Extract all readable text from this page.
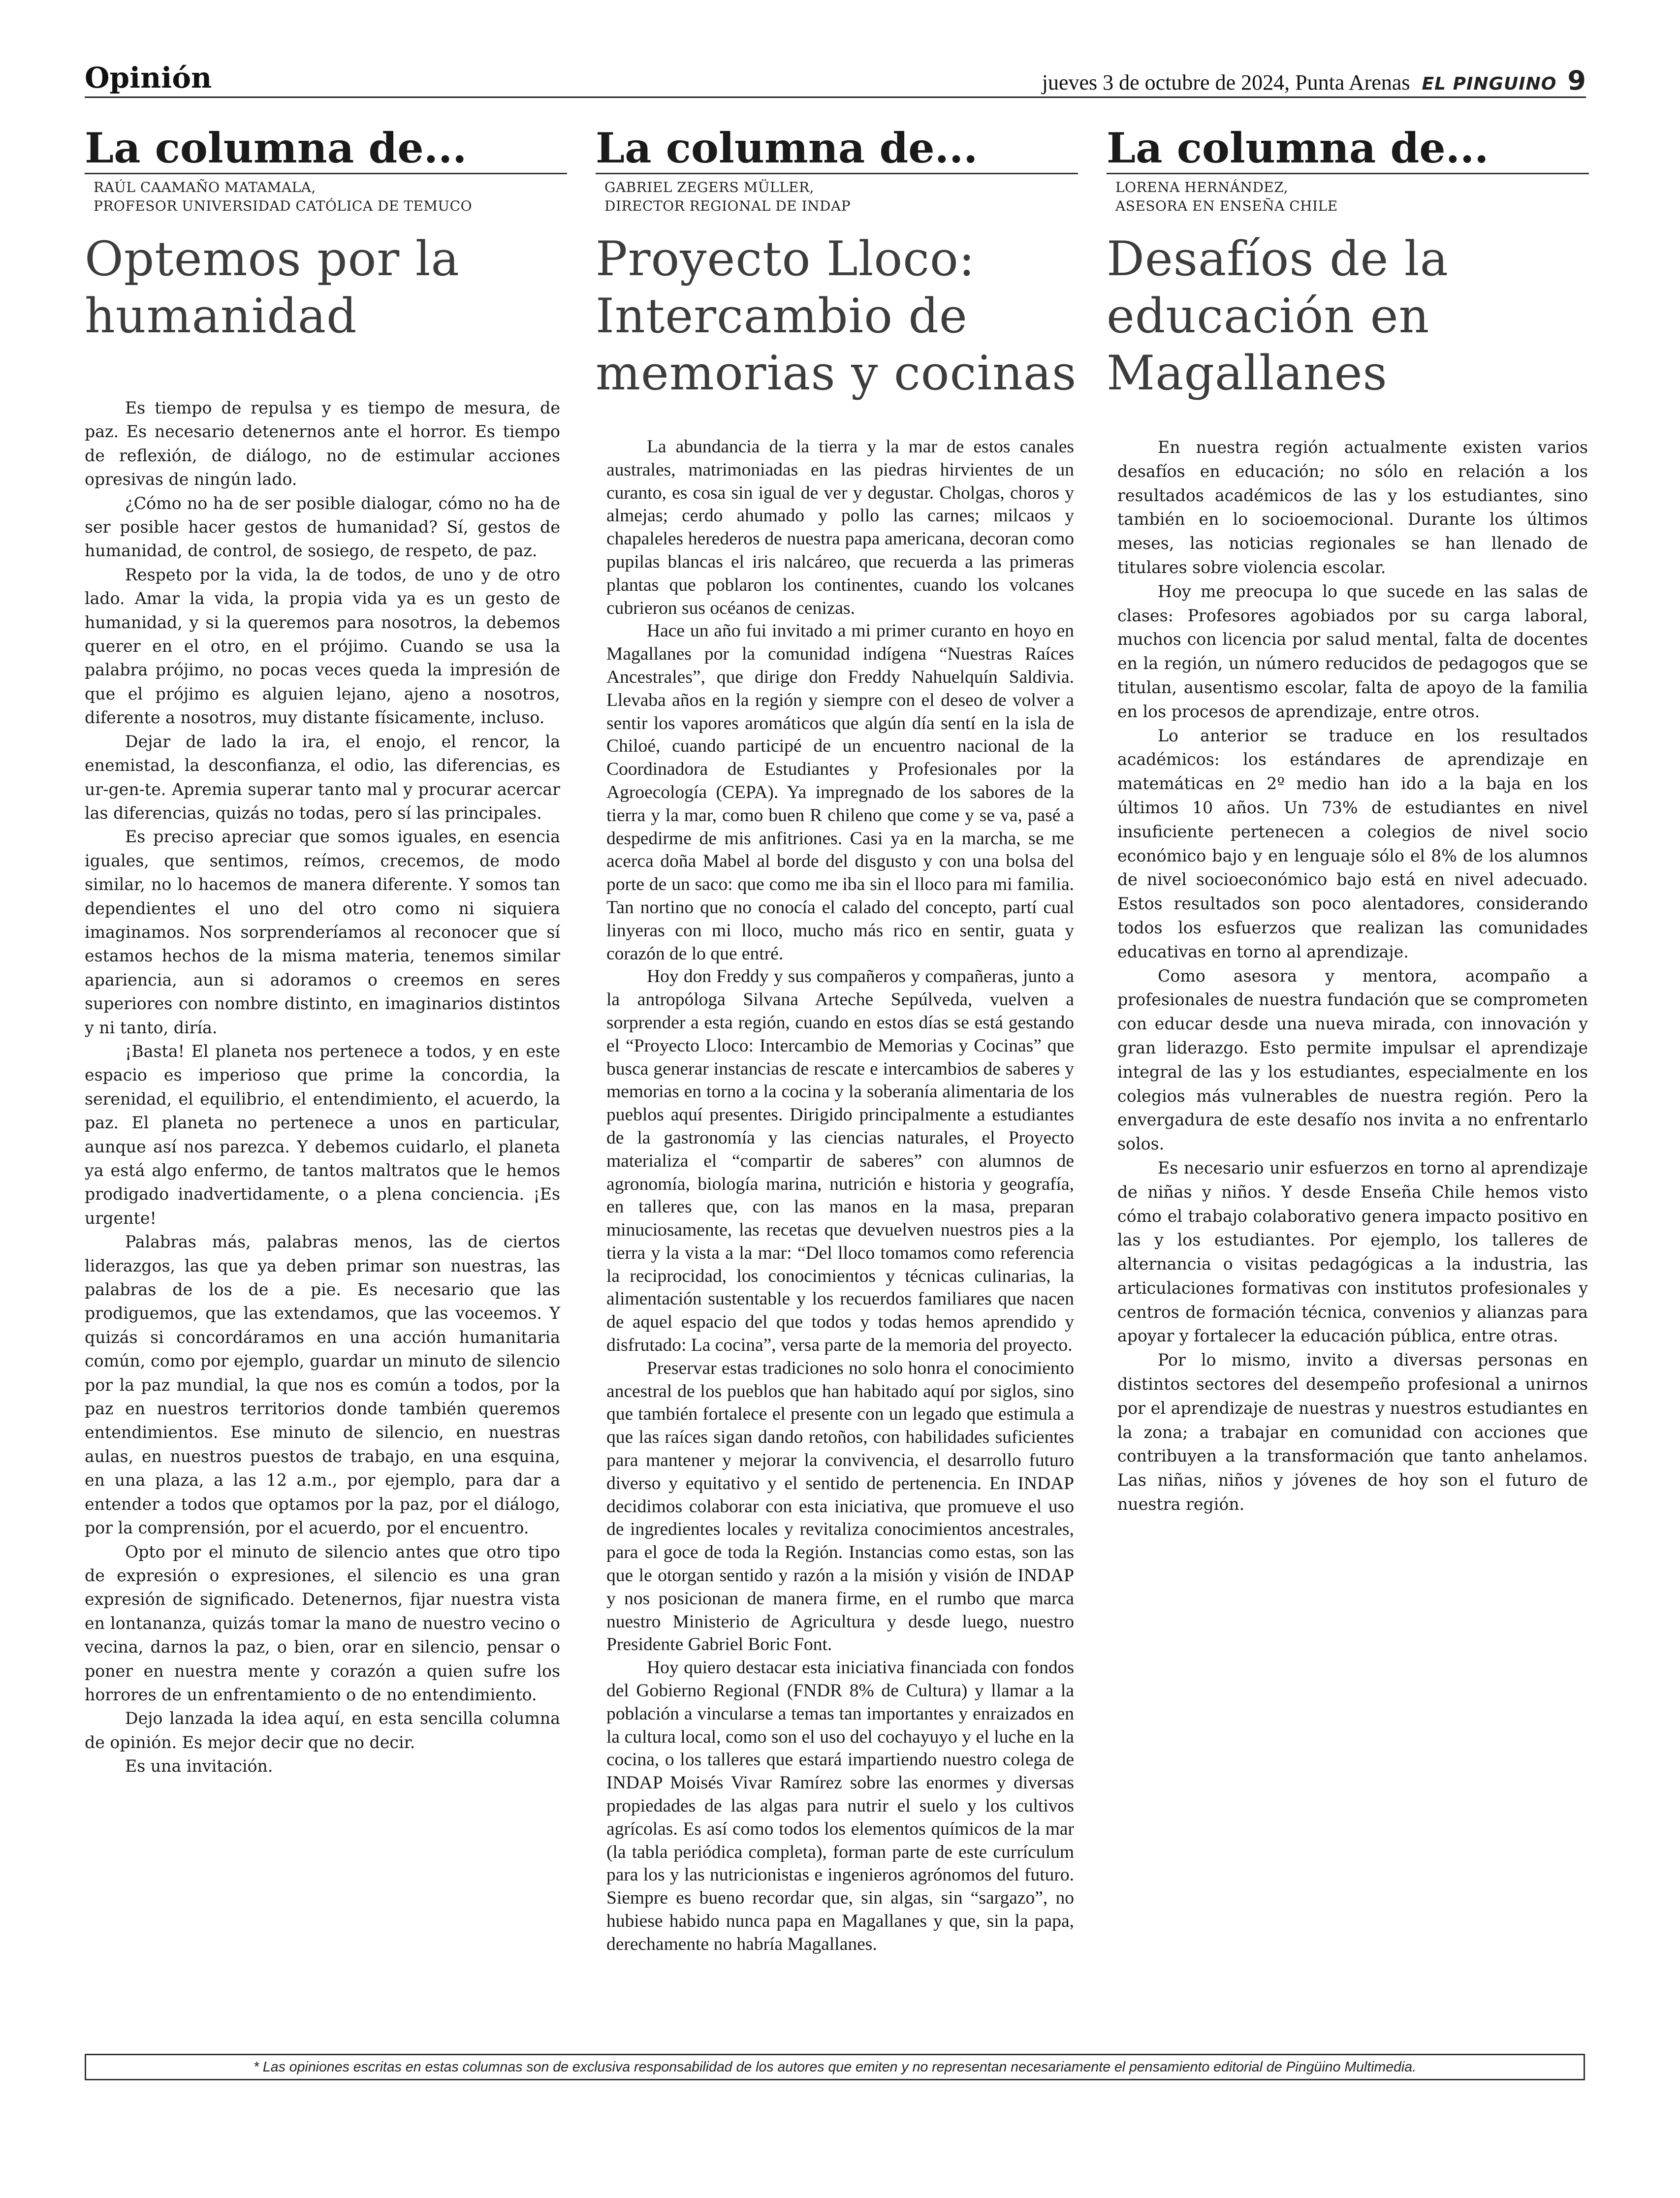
Opinión	jueves 3 de octubre de 2024, Punta Arenas EL PINGUINO 9
La columna de...
RAÚL CAAMAÑO MATAMALA,
PROFESOR UNIVERSIDAD CATÓLICA DE TEMUCO
Optemos por la
humanidad

Es tiempo de repulsa y es tiempo de mesura, de paz. Es necesario detenernos ante el horror. Es tiempo de reflexión, de diálogo, no de estimular acciones opresivas de ningún lado.

¿Cómo no ha de ser posible dialogar, cómo no ha de ser posible hacer gestos de humanidad? Sí, gestos de humanidad, de control, de sosiego, de respeto, de paz.

Respeto por la vida, la de todos, de uno y de otro lado. Amar la vida, la propia vida ya es un gesto de humanidad, y si la queremos para nosotros, la debemos querer en el otro, en el prójimo. Cuando se usa la palabra prójimo, no pocas veces queda la impresión de que el prójimo es alguien lejano, ajeno a nosotros, diferente a nosotros, muy distante físicamente, incluso.

Dejar de lado la ira, el enojo, el rencor, la enemistad, la desconfianza, el odio, las diferencias, es ur-gen-te. Apremia superar tanto mal y procurar acercar las diferencias, quizás no todas, pero sí las principales.

Es preciso apreciar que somos iguales, en esencia iguales, que sentimos, reímos, crecemos, de modo similar, no lo hacemos de manera diferente. Y somos tan dependientes el uno del otro como ni siquiera imaginamos. Nos sorprenderíamos al reconocer que sí estamos hechos de la misma materia, tenemos similar apariencia, aun si adoramos o creemos en seres superiores con nombre distinto, en imaginarios distintos y ni tanto, diría.

¡Basta! El planeta nos pertenece a todos, y en este espacio es imperioso que prime la concordia, la serenidad, el equilibrio, el entendimiento, el acuerdo, la paz. El planeta no pertenece a unos en particular, aunque así nos parezca. Y debemos cuidarlo, el planeta ya está algo enfermo, de tantos maltratos que le hemos prodigado inadvertidamente, o a plena conciencia. ¡Es urgente!

Palabras más, palabras menos, las de ciertos liderazgos, las que ya deben primar son nuestras, las palabras de los de a pie. Es necesario que las prodiguemos, que las extendamos, que las voceemos. Y quizás si concordáramos en una acción humanitaria común, como por ejemplo, guardar un minuto de silencio por la paz mundial, la que nos es común a todos, por la paz en nuestros territorios donde también queremos entendimientos. Ese minuto de silencio, en nuestras aulas, en nuestros puestos de trabajo, en una esquina, en una plaza, a las 12 a.m., por ejemplo, para dar a entender a todos que optamos por la paz, por el diálogo, por la comprensión, por el acuerdo, por el encuentro.

Opto por el minuto de silencio antes que otro tipo de expresión o expresiones, el silencio es una gran expresión de significado. Detenernos, fijar nuestra vista en lontananza, quizás tomar la mano de nuestro vecino o vecina, darnos la paz, o bien, orar en silencio, pensar o poner en nuestra mente y corazón a quien sufre los horrores de un enfrentamiento o de no entendimiento.

Dejo lanzada la idea aquí, en esta sencilla columna de opinión. Es mejor decir que no decir.

Es una invitación.

La columna de...
GABRIEL ZEGERS MÜLLER,
DIRECTOR REGIONAL DE INDAP
Proyecto Lloco:
Intercambio de
memorias y cocinas

La abundancia de la tierra y la mar de estos canales australes, matrimoniadas en las piedras hirvientes de un curanto, es cosa sin igual de ver y degustar. Cholgas, choros y almejas; cerdo ahumado y pollo las carnes; milcaos y chapaleles herederos de nuestra papa americana, decoran como pupilas blancas el iris nalcáreo, que recuerda a las primeras plantas que poblaron los continentes, cuando los volcanes cubrieron sus océanos de cenizas.

Hace un año fui invitado a mi primer curanto en hoyo en Magallanes por la comunidad indígena “Nuestras Raíces Ancestrales”, que dirige don Freddy Nahuelquín Saldivia. Llevaba años en la región y siempre con el deseo de volver a sentir los vapores aromáticos que algún día sentí en la isla de Chiloé, cuando participé de un encuentro nacional de la Coordinadora de Estudiantes y Profesionales por la Agroecología (CEPA). Ya impregnado de los sabores de la tierra y la mar, como buen R chileno que come y se va, pasé a despedirme de mis anfitriones. Casi ya en la marcha, se me acerca doña Mabel al borde del disgusto y con una bolsa del porte de un saco: que como me iba sin el lloco para mi familia. Tan nortino que no conocía el calado del concepto, partí cual linyeras con mi lloco, mucho más rico en sentir, guata y corazón de lo que entré.

Hoy don Freddy y sus compañeros y compañeras, junto a la antropóloga Silvana Arteche Sepúlveda, vuelven a sorprender a esta región, cuando en estos días se está gestando el “Proyecto Lloco: Intercambio de Memorias y Cocinas” que busca generar instancias de rescate e intercambios de saberes y memorias en torno a la cocina y la soberanía alimentaria de los pueblos aquí presentes. Dirigido principalmente a estudiantes de la gastronomía y las ciencias naturales, el Proyecto materializa el “compartir de saberes” con alumnos de agronomía, biología marina, nutrición e historia y geografía, en talleres que, con las manos en la masa, preparan minuciosamente, las recetas que devuelven nuestros pies a la tierra y la vista a la mar: “Del lloco tomamos como referencia la reciprocidad, los conocimientos y técnicas culinarias, la alimentación sustentable y los recuerdos familiares que nacen de aquel espacio del que todos y todas hemos aprendido y disfrutado: La cocina”, versa parte de la memoria del proyecto.

Preservar estas tradiciones no solo honra el conocimiento ancestral de los pueblos que han habitado aquí por siglos, sino que también fortalece el presente con un legado que estimula a que las raíces sigan dando retoños, con habilidades suficientes para mantener y mejorar la convivencia, el desarrollo futuro diverso y equitativo y el sentido de pertenencia. En INDAP decidimos colaborar con esta iniciativa, que promueve el uso de ingredientes locales y revitaliza conocimientos ancestrales, para el goce de toda la Región. Instancias como estas, son las que le otorgan sentido y razón a la misión y visión de INDAP y nos posicionan de manera firme, en el rumbo que marca nuestro Ministerio de Agricultura y desde luego, nuestro Presidente Gabriel Boric Font.

Hoy quiero destacar esta iniciativa financiada con fondos del Gobierno Regional (FNDR 8% de Cultura) y llamar a la población a vincularse a temas tan importantes y enraizados en la cultura local, como son el uso del cochayuyo y el luche en la cocina, o los talleres que estará impartiendo nuestro colega de INDAP Moisés Vivar Ramírez sobre las enormes y diversas propiedades de las algas para nutrir el suelo y los cultivos agrícolas. Es así como todos los elementos químicos de la mar (la tabla periódica completa), forman parte de este currículum para los y las nutricionistas e ingenieros agrónomos del futuro. Siempre es bueno recordar que, sin algas, sin “sargazo”, no hubiese habido nunca papa en Magallanes y que, sin la papa, derechamente no habría Magallanes.

La columna de...
LORENA HERNÁNDEZ,
ASESORA EN ENSEÑA CHILE
Desafíos de la
educación en
Magallanes

En nuestra región actualmente existen varios desafíos en educación; no sólo en relación a los resultados académicos de las y los estudiantes, sino también en lo socioemocional. Durante los últimos meses, las noticias regionales se han llenado de titulares sobre violencia escolar.

Hoy me preocupa lo que sucede en las salas de clases: Profesores agobiados por su carga laboral, muchos con licencia por salud mental, falta de docentes en la región, un número reducidos de pedagogos que se titulan, ausentismo escolar, falta de apoyo de la familia en los procesos de aprendizaje, entre otros.

Lo anterior se traduce en los resultados académicos: los estándares de aprendizaje en matemáticas en 2º medio han ido a la baja en los últimos 10 años. Un 73% de estudiantes en nivel insuficiente pertenecen a colegios de nivel socio económico bajo y en lenguaje sólo el 8% de los alumnos de nivel socioeconómico bajo está en nivel adecuado. Estos resultados son poco alentadores, considerando todos los esfuerzos que realizan las comunidades educativas en torno al aprendizaje.

Como asesora y mentora, acompaño a profesionales de nuestra fundación que se comprometen con educar desde una nueva mirada, con innovación y gran liderazgo. Esto permite impulsar el aprendizaje integral de las y los estudiantes, especialmente en los colegios más vulnerables de nuestra región. Pero la envergadura de este desafío nos invita a no enfrentarlo solos.

Es necesario unir esfuerzos en torno al aprendizaje de niñas y niños. Y desde Enseña Chile hemos visto cómo el trabajo colaborativo genera impacto positivo en las y los estudiantes. Por ejemplo, los talleres de alternancia o visitas pedagógicas a la industria, las articulaciones formativas con institutos profesionales y centros de formación técnica, convenios y alianzas para apoyar y fortalecer la educación pública, entre otras.

Por lo mismo, invito a diversas personas en distintos sectores del desempeño profesional a unirnos por el aprendizaje de nuestras y nuestros estudiantes en la zona; a trabajar en comunidad con acciones que contribuyen a la transformación que tanto anhelamos. Las niñas, niños y jóvenes de hoy son el futuro de nuestra región.

* Las opiniones escritas en estas columnas son de exclusiva responsabilidad de los autores que emiten y no representan necesariamente el pensamiento editorial de Pingüino Multimedia.
